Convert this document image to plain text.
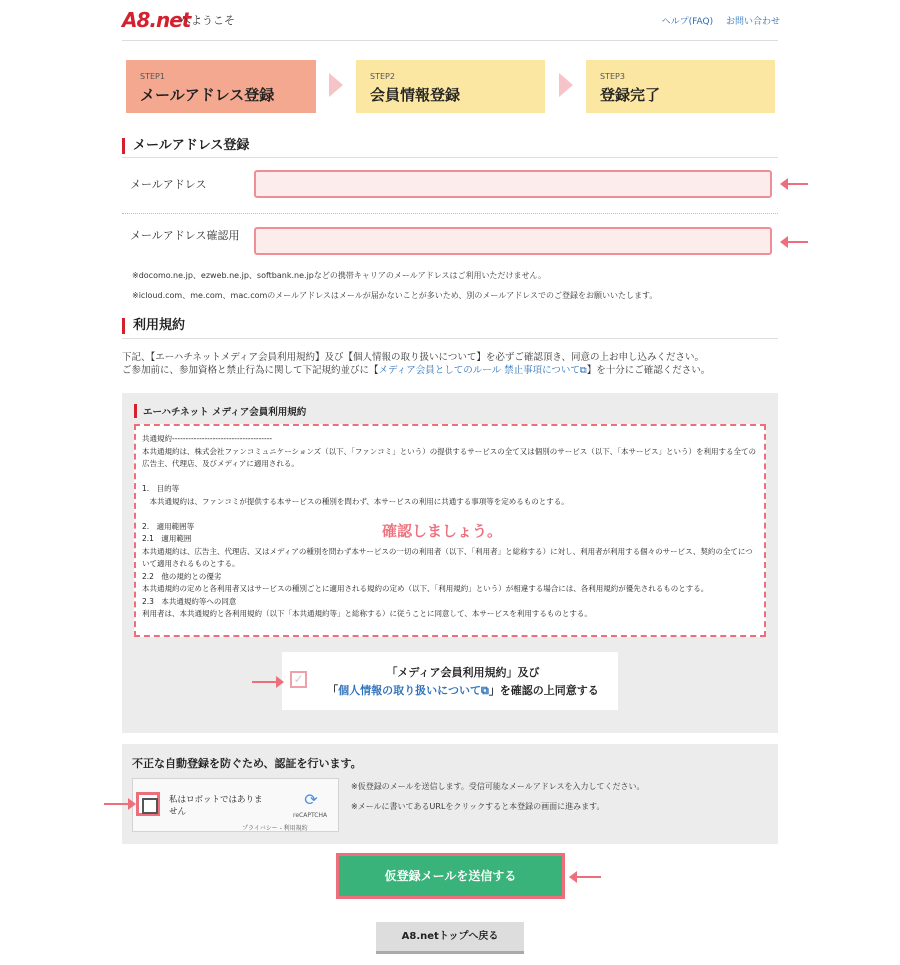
A8.net
へようこそ	ヘルプ(FAQ) お問い合わせ
STEP1
メールアドレス登録
STEP2
会員情報登録
STEP3
登録完了
メールアドレス登録
メールアドレス
メールアドレス確認用
※docomo.ne.jp、ezweb.ne.jp、softbank.ne.jpなどの携帯キャリアのメールアドレスはご利用いただけません。
※icloud.com、me.com、mac.comのメールアドレスはメールが届かないことが多いため、別のメールアドレスでのご登録をお願いいたします。
利用規約
下記、【エーハチネットメディア会員利用規約】及び【個人情報の取り扱いについて】を必ずご確認頂き、同意の上お申し込みください。
ご参加前に、参加資格と禁止行為に関して下記規約並びに【メディア会員としてのルール 禁止事項について⧉】を十分にご確認ください。
エーハチネット メディア会員利用規約

共通規約-------------------------------------
本共通規約は、株式会社ファンコミュニケーションズ（以下、「ファンコミ」という）の提供するサービスの全て又は個別のサービス（以下、「本サービス」という）を利用する全ての広告主、代理店、及びメディアに適用される。

1.　目的等
　本共通規約は、ファンコミが提供する本サービスの種別を問わず、本サービスの利用に共通する事項等を定めるものとする。

2.　適用範囲等
2.1　適用範囲
本共通規約は、広告主、代理店、又はメディアの種別を問わず本サービスの一切の利用者（以下、「利用者」と総称する）に対し、利用者が利用する個々のサービス、契約の全てについて適用されるものとする。
2.2　他の規約との優劣
本共通規約の定めと各利用者又はサービスの種別ごとに適用される規約の定め（以下、「利用規約」という）が相違する場合には、各利用規約が優先されるものとする。
2.3　本共通規約等への同意
利用者は、本共通規約と各利用規約（以下「本共通規約等」と総称する）に従うことに同意して、本サービスを利用するものとする。

確認しましょう。
✓	「メディア会員利用規約」及び
「個人情報の取り扱いについて⧉」を確認の上同意する
不正な自動登録を防ぐため、認証を行います。
私はロボットではありません
⟳
reCAPTCHA
プライバシー - 利用規約
※仮登録のメールを送信します。受信可能なメールアドレスを入力してください。
※メールに書いてあるURLをクリックすると本登録の画面に進みます。
仮登録メールを送信する
A8.netトップへ戻る
